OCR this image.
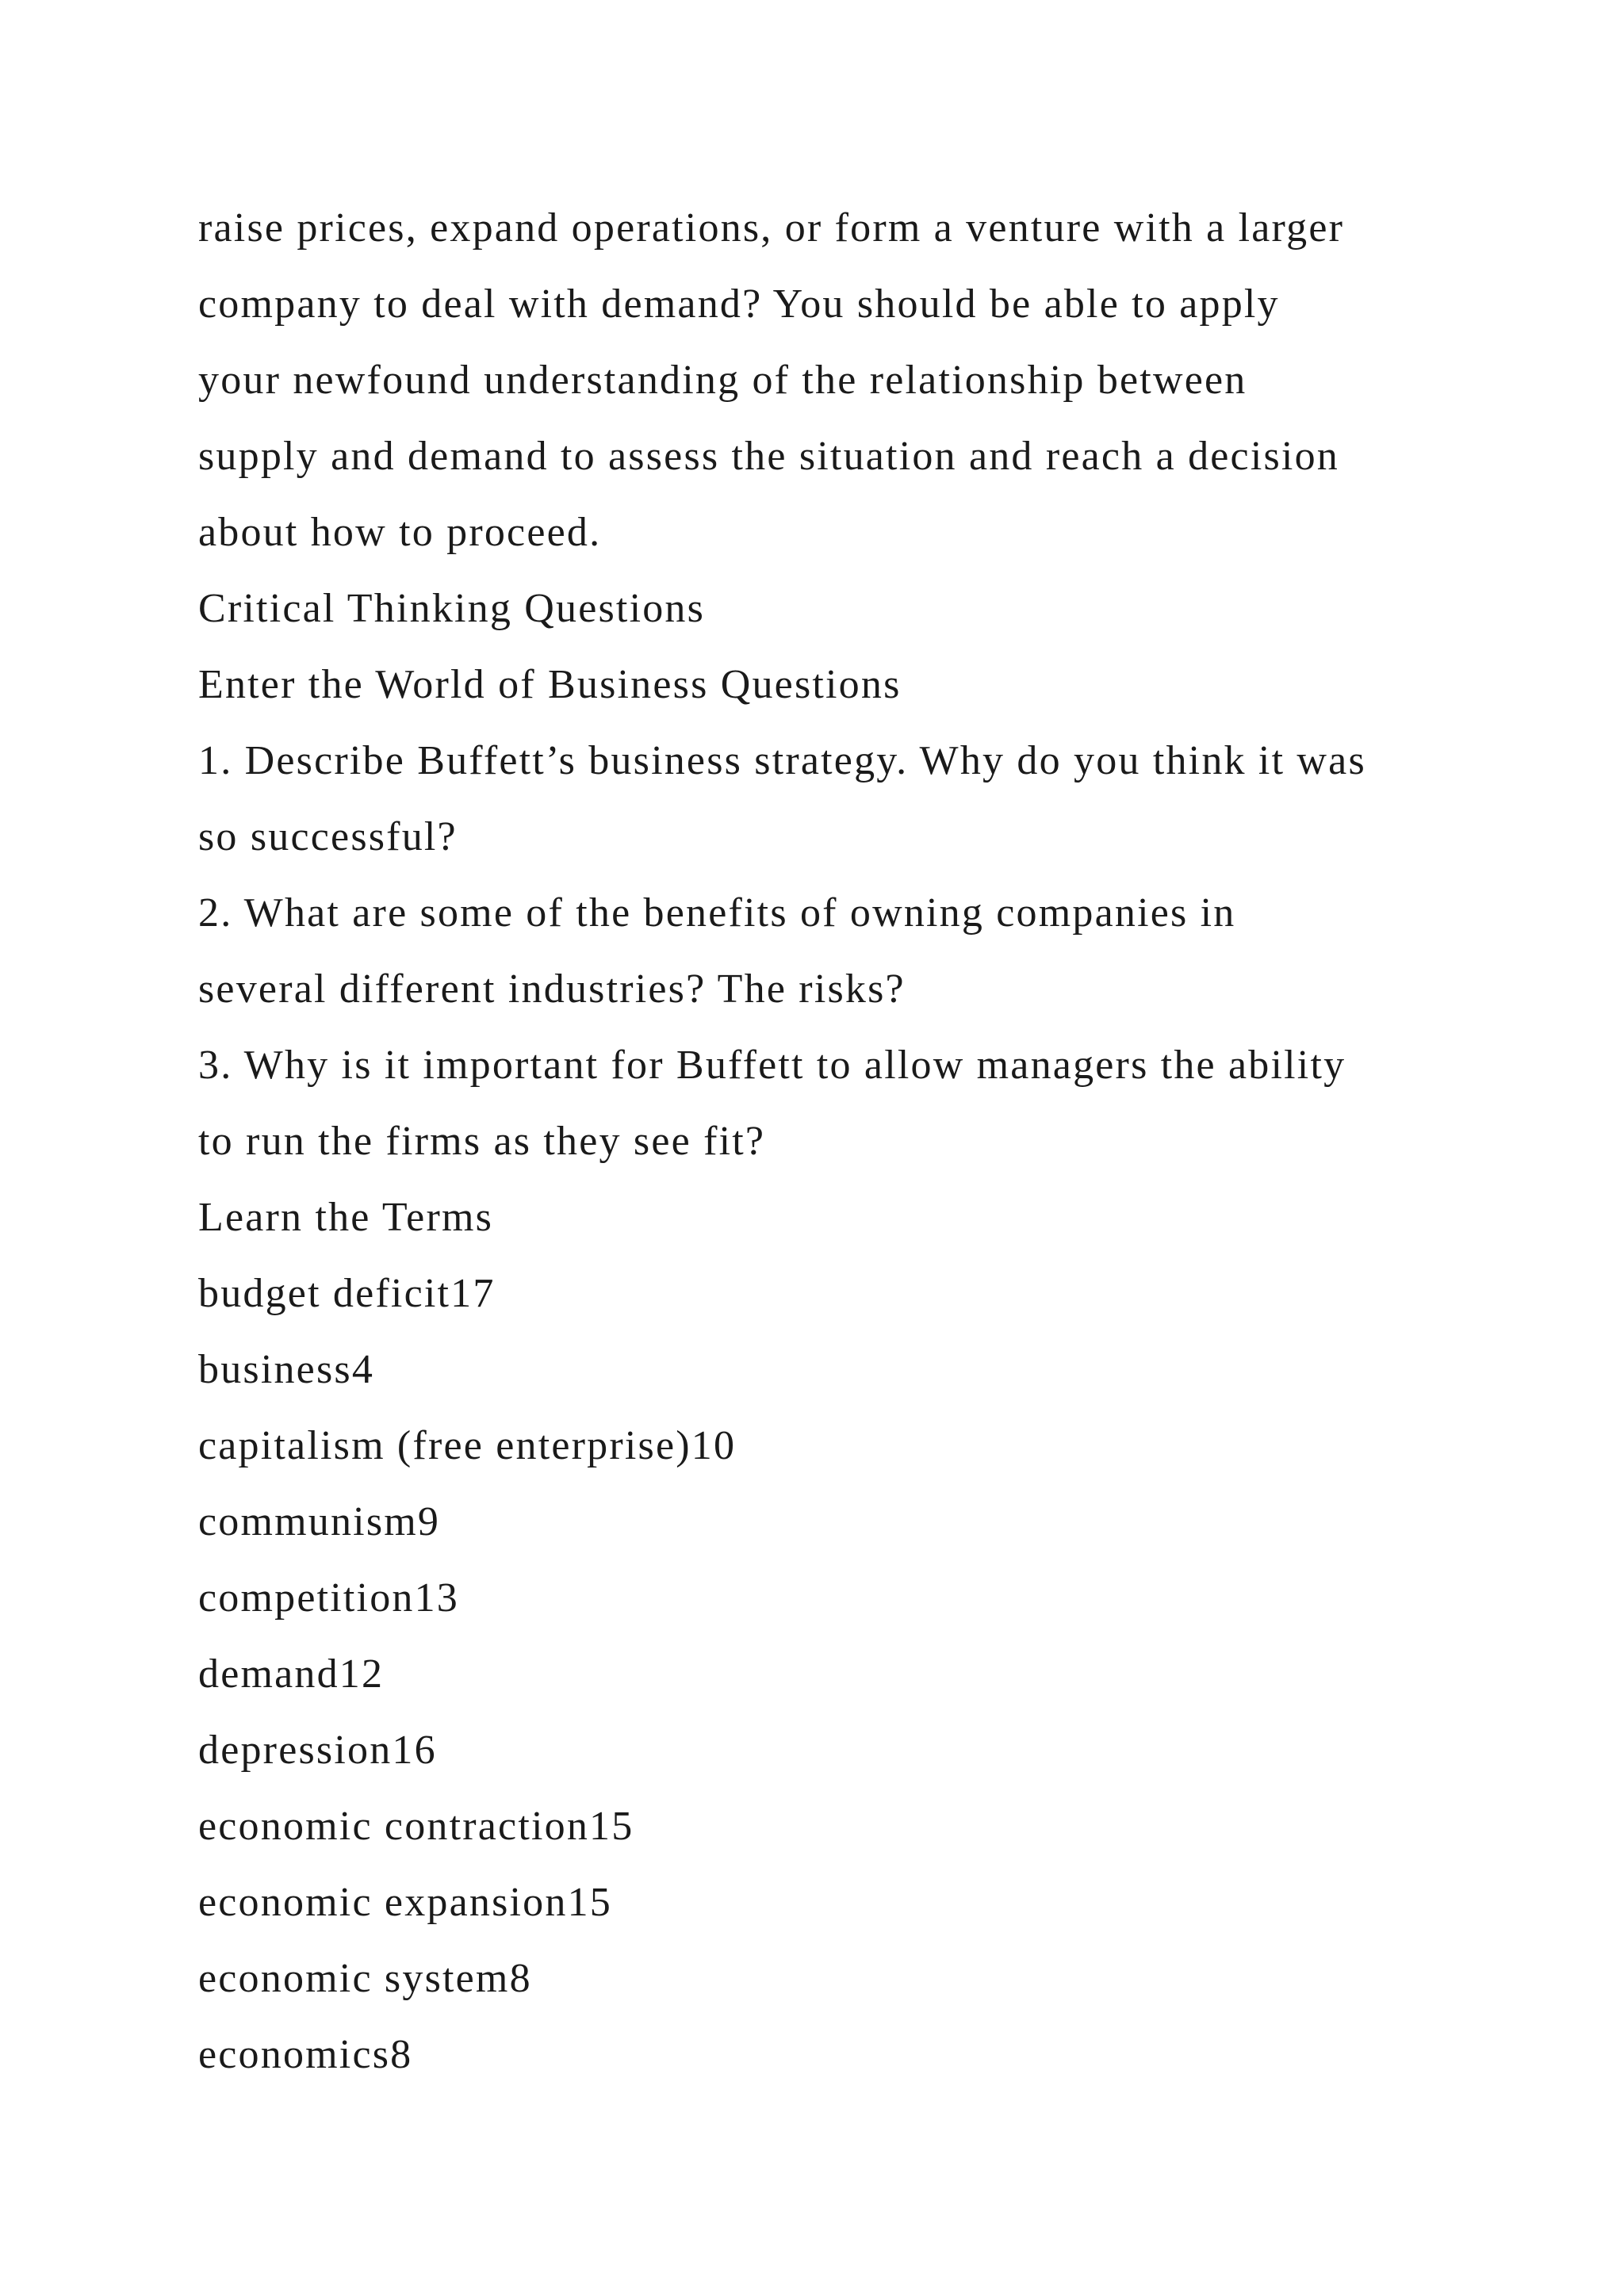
raise prices, expand operations, or form a venture with a larger
company to deal with demand? You should be able to apply
your newfound understanding of the relationship between
supply and demand to assess the situation and reach a decision
about how to proceed.
Critical Thinking Questions
Enter the World of Business Questions
1. Describe Buffett’s business strategy. Why do you think it was
so successful?
2. What are some of the benefits of owning companies in
several different industries? The risks?
3. Why is it important for Buffett to allow managers the ability
to run the firms as they see fit?
Learn the Terms
budget deficit17
business4
capitalism (free enterprise)10
communism9
competition13
demand12
depression16
economic contraction15
economic expansion15
economic system8
economics8
